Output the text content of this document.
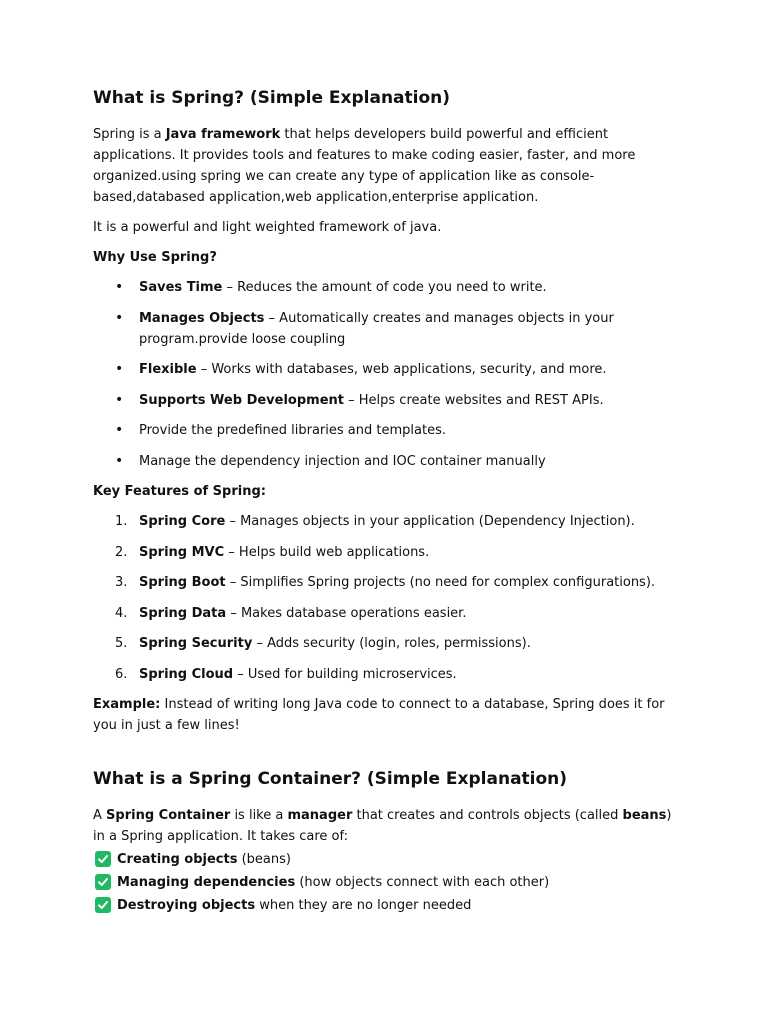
What is Spring? (Simple Explanation)

Spring is a Java framework that helps developers build powerful and efficient applications. It provides tools and features to make coding easier, faster, and more organized.using spring we can create any type of application like as console-based,databased application,web application,enterprise application.

It is a powerful and light weighted framework of java.

Why Use Spring?
• Saves Time – Reduces the amount of code you need to write.
• Manages Objects – Automatically creates and manages objects in your program.provide loose coupling
• Flexible – Works with databases, web applications, security, and more.
• Supports Web Development – Helps create websites and REST APIs.
• Provide the predefined libraries and templates.
• Manage the dependency injection and IOC container manually
Key Features of Spring:
1. Spring Core – Manages objects in your application (Dependency Injection).
2. Spring MVC – Helps build web applications.
3. Spring Boot – Simplifies Spring projects (no need for complex configurations).
4. Spring Data – Makes database operations easier.
5. Spring Security – Adds security (login, roles, permissions).
6. Spring Cloud – Used for building microservices.

Example: Instead of writing long Java code to connect to a database, Spring does it for you in just a few lines!

What is a Spring Container? (Simple Explanation)

A Spring Container is like a manager that creates and controls objects (called beans) in a Spring application. It takes care of:

Creating objects (beans)
Managing dependencies (how objects connect with each other)
Destroying objects when they are no longer needed
